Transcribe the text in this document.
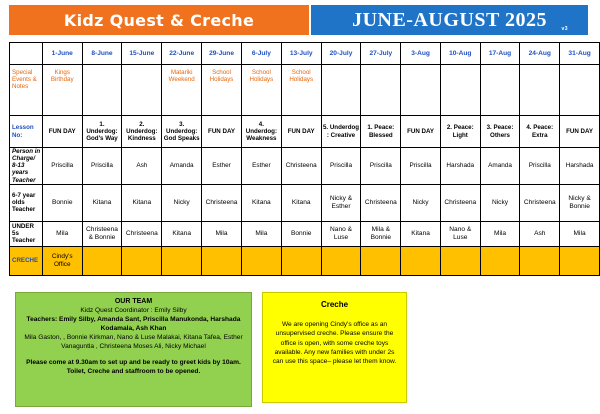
Kidz Quest & Creche	JUNE-AUGUST 2025	v3
	1-June	8-June	15-June	22-June	29-June	6-July	13-July	20-July	27-July	3-Aug	10-Aug	17-Aug	24-Aug	31-Aug
Special Events & Notes	Kings Birthday			Matariki Weekend	School Holidays	School Holidays	School Holidays							
Lesson No:	FUN DAY	1. Underdog: God's Way	2. Underdog: Kindness	3. Underdog: God Speaks	FUN DAY	4. Underdog: Weakness	FUN DAY	5. Underdog : Creative	1. Peace: Blessed	FUN DAY	2. Peace: Light	3. Peace: Others	4. Peace: Extra	FUN DAY
Person in Charge/ 8-13 years Teacher	Priscilla	Priscilla	Ash	Amanda	Esther	Esther	Christeena	Priscilla	Priscilla	Priscilla	Harshada	Amanda	Priscilla	Harshada
6-7 year olds Teacher	Bonnie	Kitana	Kitana	Nicky	Christeena	Kitana	Kitana	Nicky & Esther	Christeena	Nicky	Christeena	Nicky	Christeena	Nicky & Bonnie
UNDER 5s Teacher	Mila	Christeena & Bonnie	Christeena	Kitana	Mila	Mila	Bonnie	Nano & Luse	Mila & Bonnie	Kitana	Nano & Luse	Mila	Ash	Mila
CRECHE	Cindy's Office													

OUR TEAM

Kidz Quest Coordinator : Emily Silby

Teachers: Emily Silby, Amanda Sant, Priscilla Manukonda, Harshada Kodamala, Ash Khan

Mila Gaston, , Bonnie Kirkman, Nano & Luse Malakai, Kitana Tafea, Esther Vanaguntla , Christeena Moses Ali, Nicky Michael

Please come at 9.30am to set up and be ready to greet kids by 10am. Toilet, Creche and staffroom to be opened.

Creche
We are opening Cindy's office as an unsupervised creche. Please ensure the office is open, with some creche toys available. Any new families with under 2s can use this space– please let them know.
